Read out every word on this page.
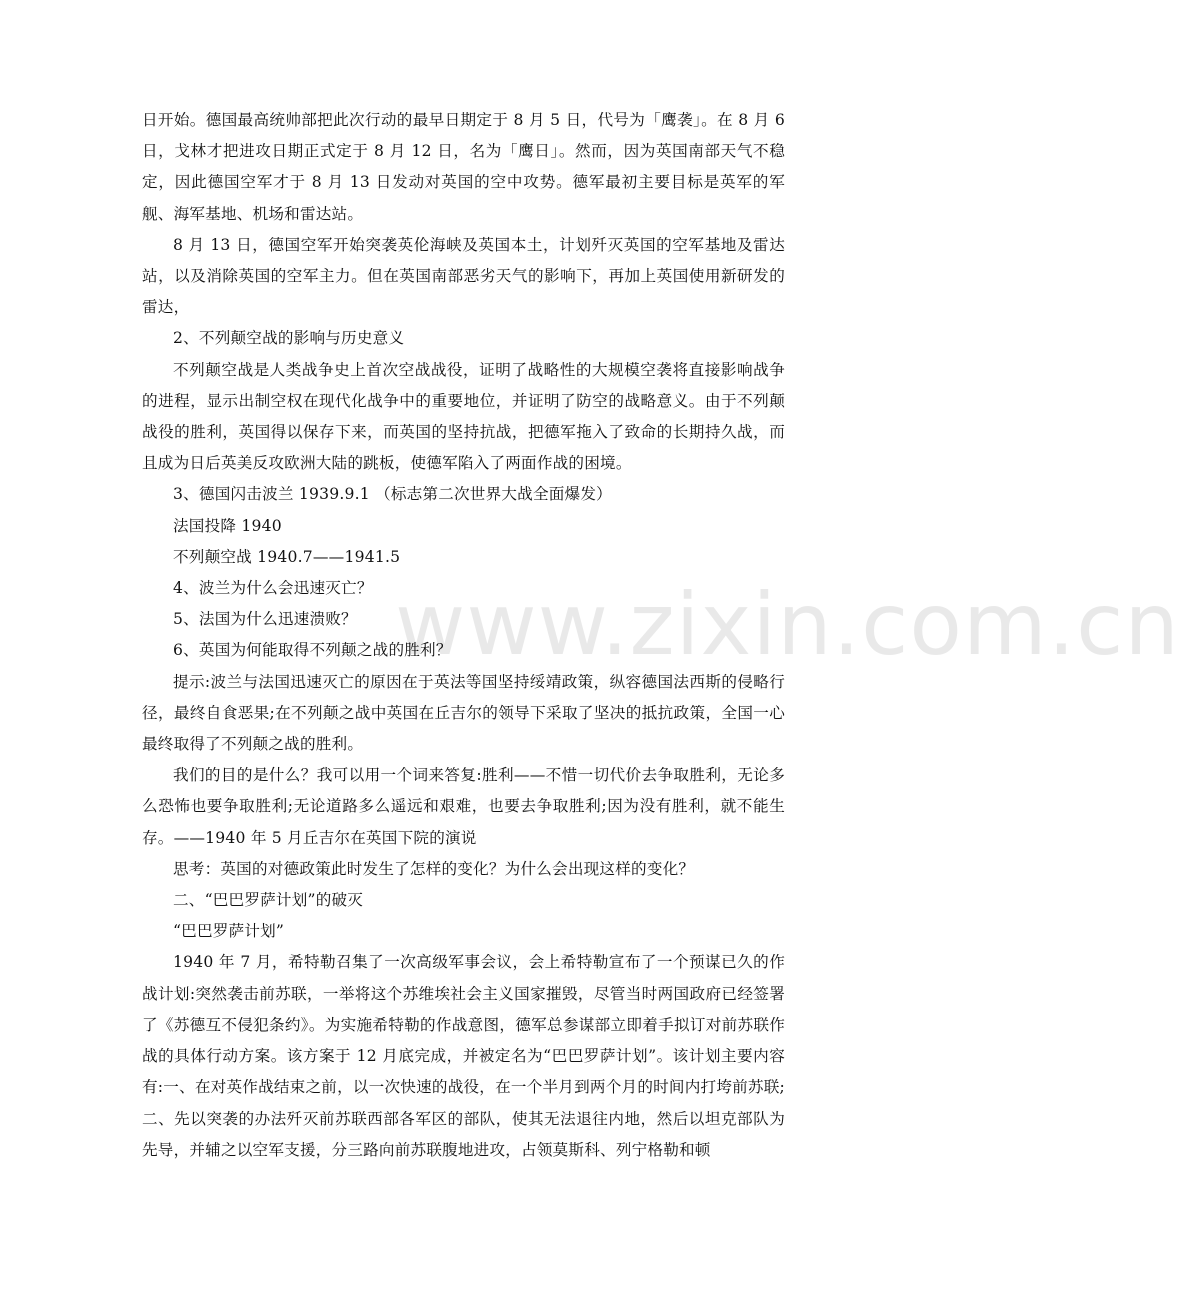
www.zixin.com.cn

日开始。德国最高统帅部把此次行动的最早日期定于 8 月 5 日，代号为「鹰袭」。在 8 月 6 日，戈林才把进攻日期正式定于 8 月 12 日，名为「鹰日」。然而，因为英国南部天气不稳定，因此德国空军才于 8 月 13 日发动对英国的空中攻势。德军最初主要目标是英军的军舰、海军基地、机场和雷达站。

8 月 13 日，德国空军开始突袭英伦海峡及英国本土，计划歼灭英国的空军基地及雷达站，以及消除英国的空军主力。但在英国南部恶劣天气的影响下，再加上英国使用新研发的雷达，

2、不列颠空战的影响与历史意义

不列颠空战是人类战争史上首次空战战役，证明了战略性的大规模空袭将直接影响战争的进程，显示出制空权在现代化战争中的重要地位，并证明了防空的战略意义。由于不列颠战役的胜利，英国得以保存下来，而英国的坚持抗战，把德军拖入了致命的长期持久战，而且成为日后英美反攻欧洲大陆的跳板，使德军陷入了两面作战的困境。

3、德国闪击波兰 1939.9.1 （标志第二次世界大战全面爆发）

法国投降 1940

不列颠空战 1940.7——1941.5

4、波兰为什么会迅速灭亡？

5、法国为什么迅速溃败？

6、英国为何能取得不列颠之战的胜利？

提示:波兰与法国迅速灭亡的原因在于英法等国坚持绥靖政策，纵容德国法西斯的侵略行径，最终自食恶果;在不列颠之战中英国在丘吉尔的领导下采取了坚决的抵抗政策，全国一心最终取得了不列颠之战的胜利。

我们的目的是什么？我可以用一个词来答复:胜利——不惜一切代价去争取胜利，无论多么恐怖也要争取胜利;无论道路多么遥远和艰难，也要去争取胜利;因为没有胜利，就不能生存。——1940 年 5 月丘吉尔在英国下院的演说

思考：英国的对德政策此时发生了怎样的变化？为什么会出现这样的变化？

二、“巴巴罗萨计划”的破灭

“巴巴罗萨计划”

1940 年 7 月，希特勒召集了一次高级军事会议，会上希特勒宣布了一个预谋已久的作战计划:突然袭击前苏联，一举将这个苏维埃社会主义国家摧毁，尽管当时两国政府已经签署了《苏德互不侵犯条约》。为实施希特勒的作战意图，德军总参谋部立即着手拟订对前苏联作战的具体行动方案。该方案于 12 月底完成，并被定名为“巴巴罗萨计划”。该计划主要内容有:一、在对英作战结束之前，以一次快速的战役，在一个半月到两个月的时间内打垮前苏联;二、先以突袭的办法歼灭前苏联西部各军区的部队，使其无法退往内地，然后以坦克部队为先导，并辅之以空军支援，分三路向前苏联腹地进攻，占领莫斯科、列宁格勒和顿
